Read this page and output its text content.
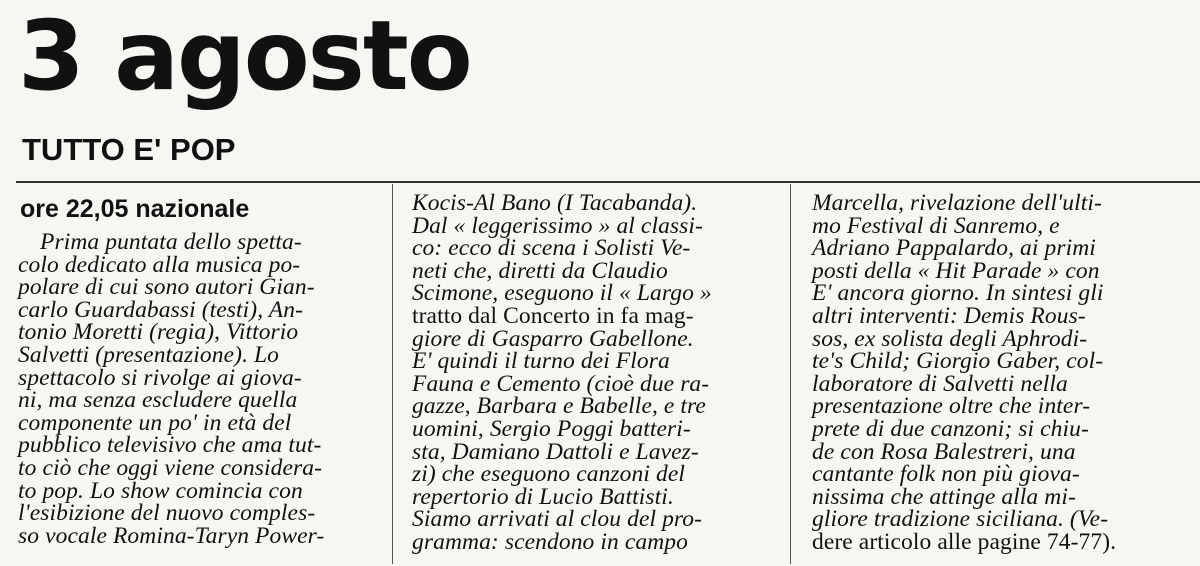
3 agosto
TUTTO E' POP
ore 22,05 nazionale
Prima puntata dello spetta-
colo dedicato alla musica po-
polare di cui sono autori Gian-
carlo Guardabassi (testi), An-
tonio Moretti (regia), Vittorio
Salvetti (presentazione). Lo
spettacolo si rivolge ai giova-
ni, ma senza escludere quella
componente un po' in età del
pubblico televisivo che ama tut-
to ciò che oggi viene considera-
to pop. Lo show comincia con
l'esibizione del nuovo comples-
so vocale Romina-Taryn Power-
Kocis-Al Bano (I Tacabanda).
Dal « leggerissimo » al classi-
co: ecco di scena i Solisti Ve-
neti che, diretti da Claudio
Scimone, eseguono il « Largo »
tratto dal Concerto in fa mag-
giore di Gasparro Gabellone.
E' quindi il turno dei Flora
Fauna e Cemento (cioè due ra-
gazze, Barbara e Babelle, e tre
uomini, Sergio Poggi batteri-
sta, Damiano Dattoli e Lavez-
zi) che eseguono canzoni del
repertorio di Lucio Battisti.
Siamo arrivati al clou del pro-
gramma: scendono in campo
Marcella, rivelazione dell'ulti-
mo Festival di Sanremo, e
Adriano Pappalardo, ai primi
posti della « Hit Parade » con
E' ancora giorno. In sintesi gli
altri interventi: Demis Rous-
sos, ex solista degli Aphrodi-
te's Child; Giorgio Gaber, col-
laboratore di Salvetti nella
presentazione oltre che inter-
prete di due canzoni; si chiu-
de con Rosa Balestreri, una
cantante folk non più giova-
nissima che attinge alla mi-
gliore tradizione siciliana. (Ve-
dere articolo alle pagine 74-77).
